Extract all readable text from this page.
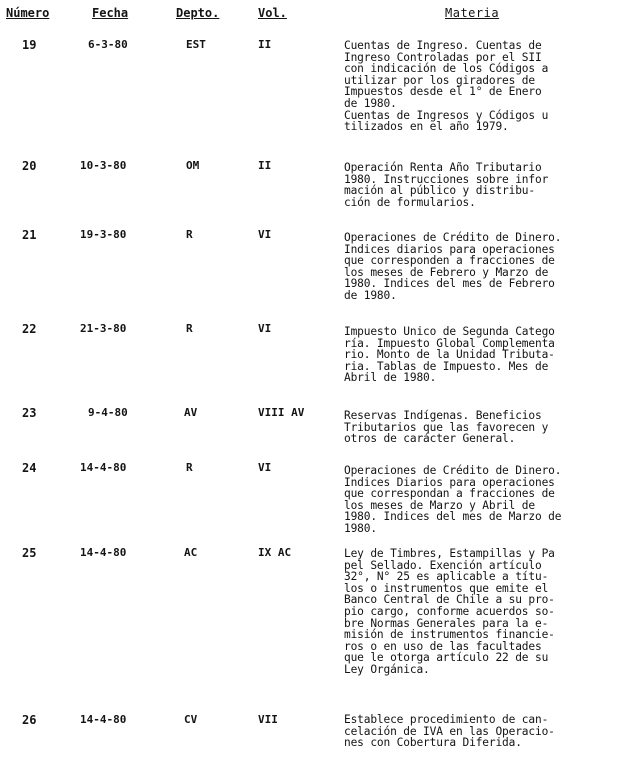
Número	Fecha	Depto.	Vol.	Materia
19	6-3-80	EST	II	Cuentas de Ingreso. Cuentas de
Ingreso Controladas por el SII
con indicación de los Códigos a
utilizar por los giradores de
Impuestos desde el 1° de Enero
de 1980.
Cuentas de Ingresos y Códigos u
tilizados en el año 1979.
20	10-3-80	OM	II	Operación Renta Año Tributario
1980. Instrucciones sobre infor
mación al público y distribu-
ción de formularios.
21	19-3-80	R	VI	Operaciones de Crédito de Dinero.
Indices diarios para operaciones
que corresponden a fracciones de
los meses de Febrero y Marzo de
1980. Indices del mes de Febrero
de 1980.
22	21-3-80	R	VI	Impuesto Unico de Segunda Catego
ría. Impuesto Global Complementa
rio. Monto de la Unidad Tributa-
ria. Tablas de Impuesto. Mes de
Abril de 1980.
23	9-4-80	AV	VIII AV	Reservas Indígenas. Beneficios
Tributarios que las favorecen y
otros de carácter General.
24	14-4-80	R	VI	Operaciones de Crédito de Dinero.
Indices Diarios para operaciones
que correspondan a fracciones de
los meses de Marzo y Abril de
1980. Indices del mes de Marzo de
1980.
25	14-4-80	AC	IX AC	Ley de Timbres, Estampillas y Pa
pel Sellado. Exención artículo
32°, N° 25 es aplicable a títu-
los o instrumentos que emite el
Banco Central de Chile a su pro-
pio cargo, conforme acuerdos so-
bre Normas Generales para la e-
misión de instrumentos financie-
ros o en uso de las facultades
que le otorga artículo 22 de su
Ley Orgánica.
26	14-4-80	CV	VII	Establece procedimiento de can-
celación de IVA en las Operacio-
nes con Cobertura Diferida.
